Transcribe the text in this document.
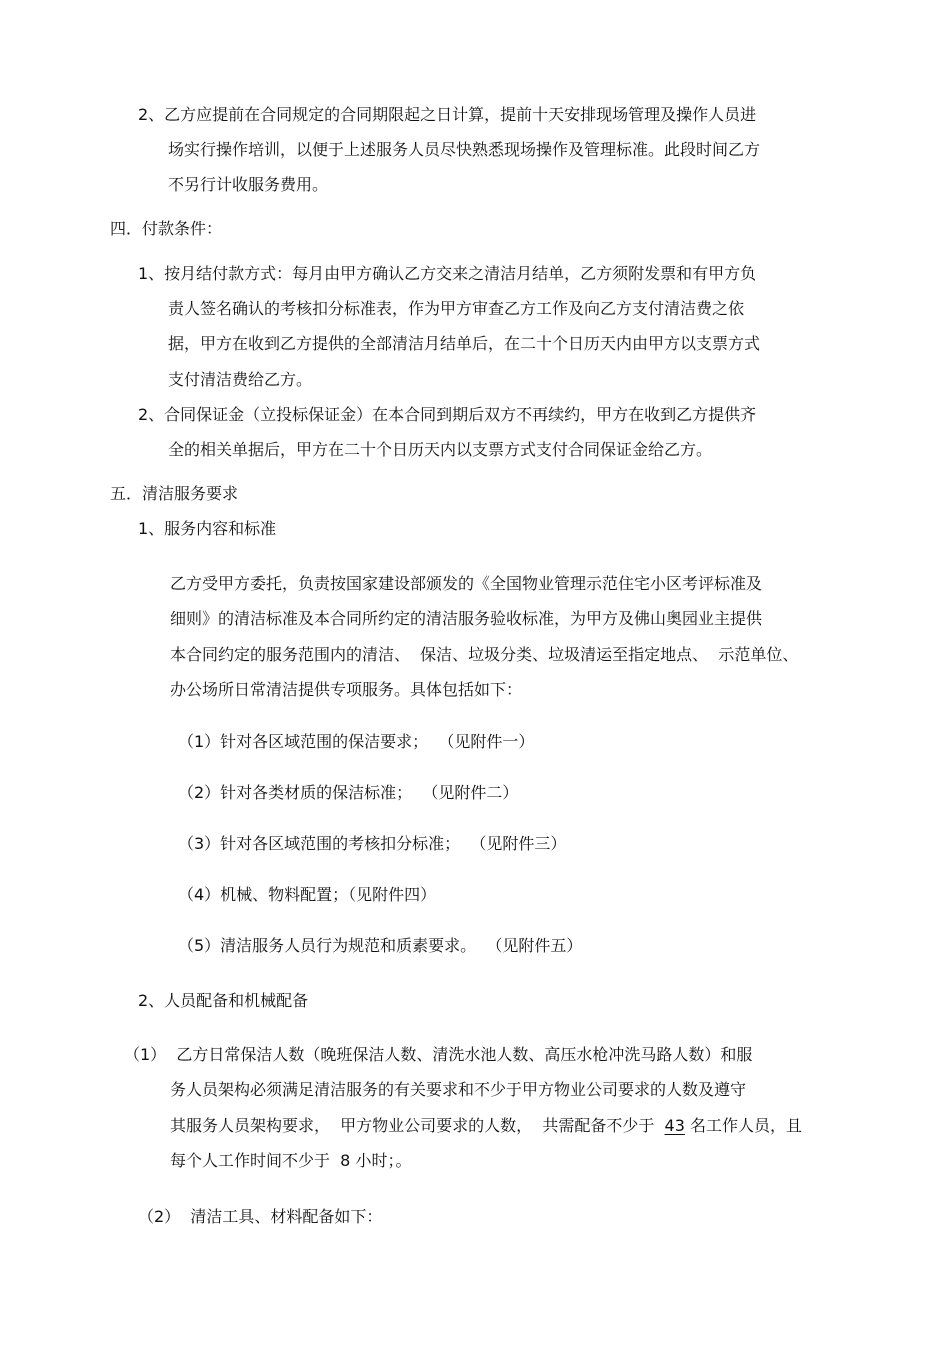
2、乙方应提前在合同规定的合同期限起之日计算，提前十天安排现场管理及操作人员进
场实行操作培训，以便于上述服务人员尽快熟悉现场操作及管理标准。此段时间乙方
不另行计收服务费用。
四．付款条件：
1、按月结付款方式：每月由甲方确认乙方交来之清洁月结单，乙方须附发票和有甲方负
责人签名确认的考核扣分标准表，作为甲方审查乙方工作及向乙方支付清洁费之依
据，甲方在收到乙方提供的全部清洁月结单后，在二十个日历天内由甲方以支票方式
支付清洁费给乙方。
2、合同保证金（立投标保证金）在本合同到期后双方不再续约，甲方在收到乙方提供齐
全的相关单据后，甲方在二十个日历天内以支票方式支付合同保证金给乙方。
五．清洁服务要求
1、服务内容和标准
乙方受甲方委托，负责按国家建设部颁发的《全国物业管理示范住宅小区考评标准及
细则》的清洁标准及本合同所约定的清洁服务验收标准，为甲方及佛山奥园业主提供
本合同约定的服务范围内的清洁、  保洁、垃圾分类、垃圾清运至指定地点、  示范单位、
办公场所日常清洁提供专项服务。具体包括如下：
（1）针对各区域范围的保洁要求；  （见附件一）
（2）针对各类材质的保洁标准；  （见附件二）
（3）针对各区域范围的考核扣分标准；  （见附件三）
（4）机械、物料配置；（见附件四）
（5）清洁服务人员行为规范和质素要求。  （见附件五）
2、人员配备和机械配备
（1）  乙方日常保洁人数（晚班保洁人数、清洗水池人数、高压水枪冲洗马路人数）和服
务人员架构必须满足清洁服务的有关要求和不少于甲方物业公司要求的人数及遵守
其服务人员架构要求，  甲方物业公司要求的人数，  共需配备不少于  43 名工作人员，且
每个人工作时间不少于  8 小时；。
（2）  清洁工具、材料配备如下：
